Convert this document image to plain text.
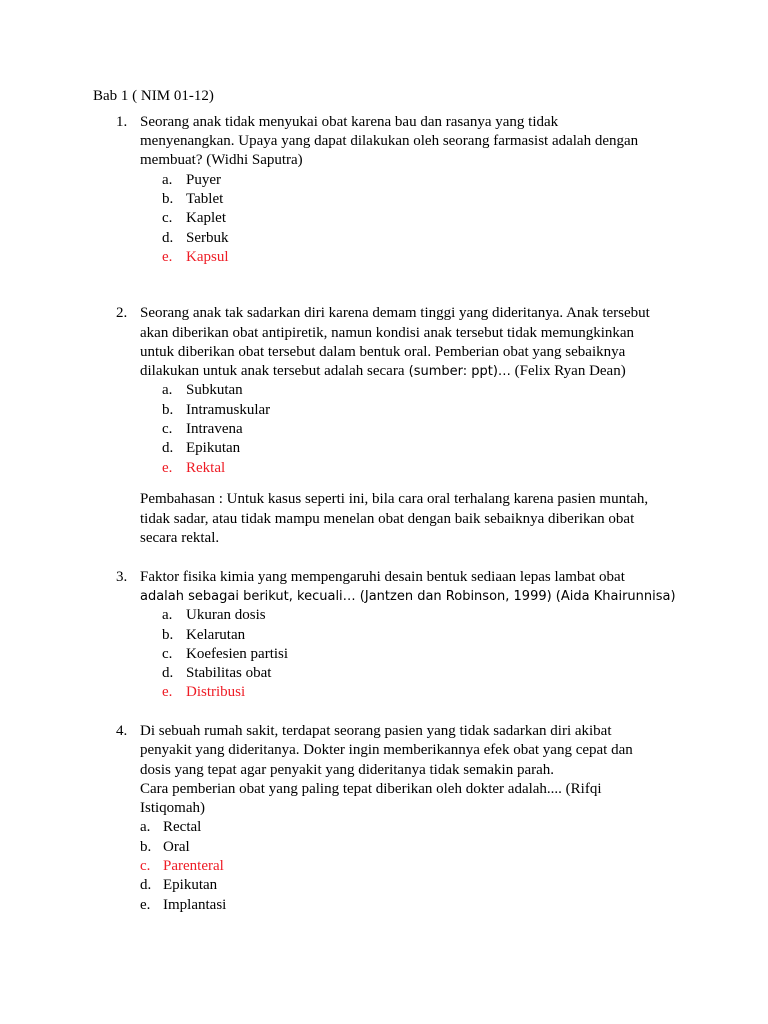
Bab 1 ( NIM 01-12)
1. Seorang anak tidak menyukai obat karena bau dan rasanya yang tidak
menyenangkan. Upaya yang dapat dilakukan oleh seorang farmasist adalah dengan
membuat? (Widhi Saputra)
a. Puyer
b. Tablet
c. Kaplet
d. Serbuk
e. Kapsul
2. Seorang anak tak sadarkan diri karena demam tinggi yang dideritanya. Anak tersebut
akan diberikan obat antipiretik, namun kondisi anak tersebut tidak memungkinkan
untuk diberikan obat tersebut dalam bentuk oral. Pemberian obat yang sebaiknya
dilakukan untuk anak tersebut adalah secara (sumber: ppt)… (Felix Ryan Dean)
a. Subkutan
b. Intramuskular
c. Intravena
d. Epikutan
e. Rektal
Pembahasan : Untuk kasus seperti ini, bila cara oral terhalang karena pasien muntah,
tidak sadar, atau tidak mampu menelan obat dengan baik sebaiknya diberikan obat
secara rektal.
3. Faktor fisika kimia yang mempengaruhi desain bentuk sediaan lepas lambat obat
adalah sebagai berikut, kecuali… (Jantzen dan Robinson, 1999) (Aida Khairunnisa)
a. Ukuran dosis
b. Kelarutan
c. Koefesien partisi
d. Stabilitas obat
e. Distribusi
4. Di sebuah rumah sakit, terdapat seorang pasien yang tidak sadarkan diri akibat
penyakit yang dideritanya. Dokter ingin memberikannya efek obat yang cepat dan
dosis yang tepat agar penyakit yang dideritanya tidak semakin parah.
Cara pemberian obat yang paling tepat diberikan oleh dokter adalah.... (Rifqi
Istiqomah)
a. Rectal
b. Oral
c. Parenteral
d. Epikutan
e. Implantasi
